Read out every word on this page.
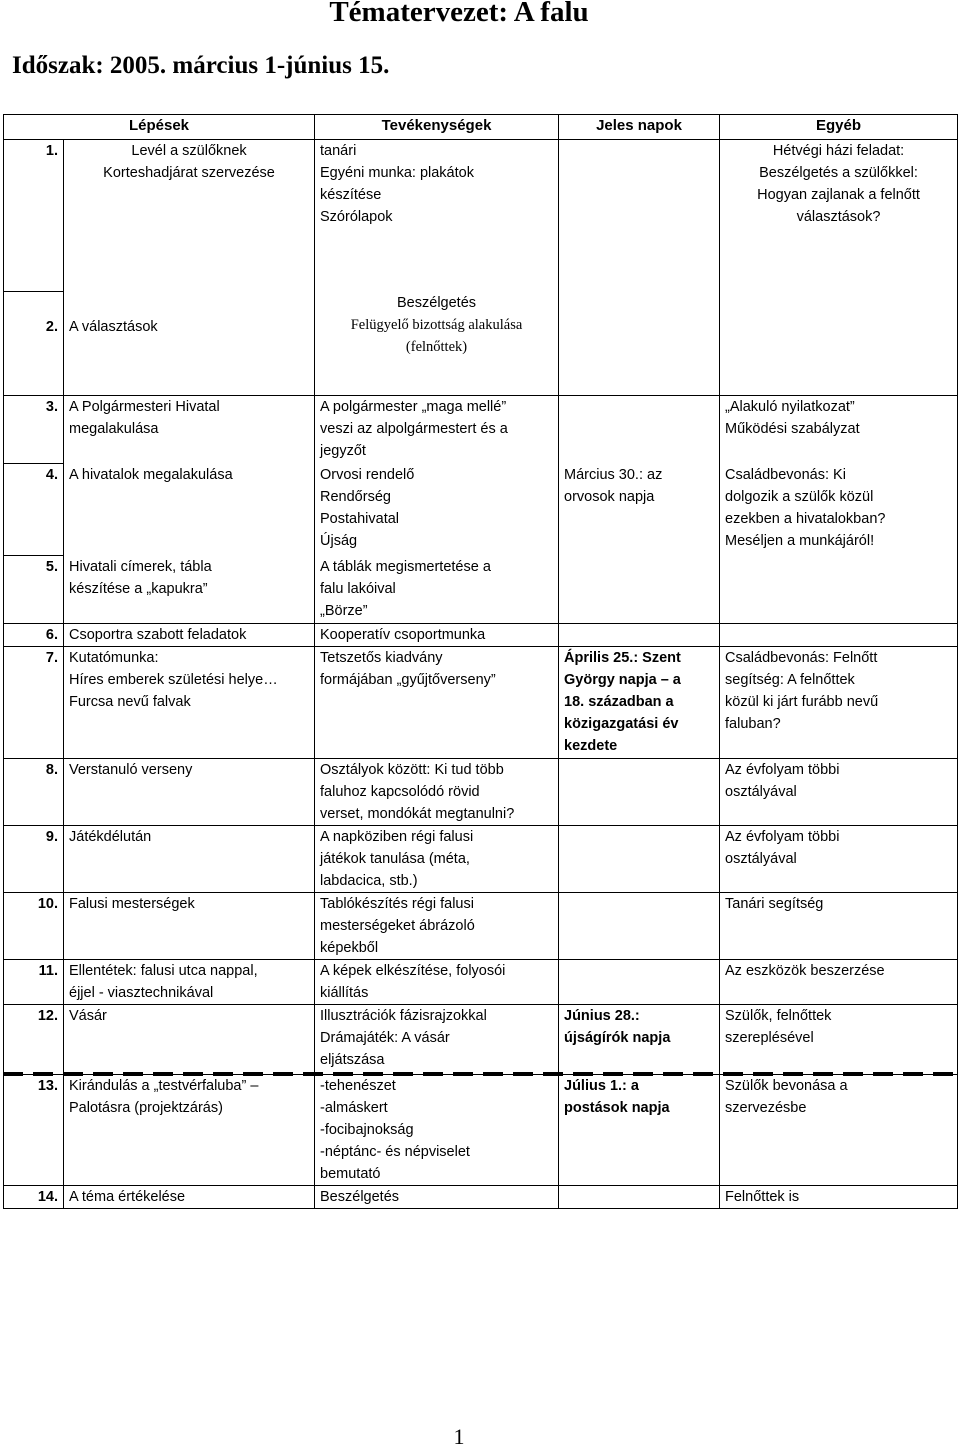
Tématervezet: A falu
Időszak: 2005. március 1-június 15.
Lépések		Tevékenységek	Jeles napok	Egyéb
1.	Levél a szülőknek
Korteshadjárat szervezése	tanári
Egyéni munka: plakátok
készítése
Szórólapok		Hétvégi házi feladat:
Beszélgetés a szülőkkel:
Hogyan zajlanak a felnőtt
választások?

2.	A választások	Beszélgetés
Felügyelő bizottság alakulása
(felnőttek)		

3.	A Polgármesteri Hivatal
megalakulása	A polgármester „maga mellé”
veszi az alpolgármestert és a
jegyzőt		„Alakuló nyilatkozat”
Működési szabályzat

4.	A hivatalok megalakulása	Orvosi rendelő
Rendőrség
Postahivatal
Újság	Március 30.: az
orvosok napja	Családbevonás: Ki
dolgozik a szülők közül
ezekben a hivatalokban?
Meséljen a munkájáról!

5.	Hivatali címerek, tábla
készítése a „kapukra”	A táblák megismertetése a
falu lakóival
„Börze”		

6.	Csoportra szabott feladatok	Kooperatív csoportmunka		

7.	Kutatómunka:
Híres emberek születési helye…
Furcsa nevű falvak	Tetszetős kiadvány
formájában „gyűjtőverseny”	Április 25.: Szent
György napja – a
18. században a
közigazgatási év
kezdete	Családbevonás: Felnőtt
segítség: A felnőttek
közül ki járt furább nevű
faluban?

8.	Verstanuló verseny	Osztályok között: Ki tud több
faluhoz kapcsolódó rövid
verset, mondókát megtanulni?		Az évfolyam többi
osztályával

9.	Játékdélután	A napköziben régi falusi
játékok tanulása (méta,
labdacica, stb.)		Az évfolyam többi
osztályával

10.	Falusi mesterségek	Tablókészítés régi falusi
mesterségeket ábrázoló
képekből		Tanári segítség

11.	Ellentétek: falusi utca nappal,
éjjel - viasztechnikával	A képek elkészítése, folyosói
kiállítás		Az eszközök beszerzése

12.	Vásár	Illusztrációk fázisrajzokkal
Drámajáték: A vásár
eljátszása	Június 28.:
újságírók napja	Szülők, felnőttek
szereplésével

13.	Kirándulás a „testvérfaluba” –
Palotásra (projektzárás)	-tehenészet
-almáskert
-focibajnokság
-néptánc- és népviselet
bemutató	Július 1.: a
postások napja	Szülők bevonása a
szervezésbe

14.	A téma értékelése	Beszélgetés		Felnőttek is
1
